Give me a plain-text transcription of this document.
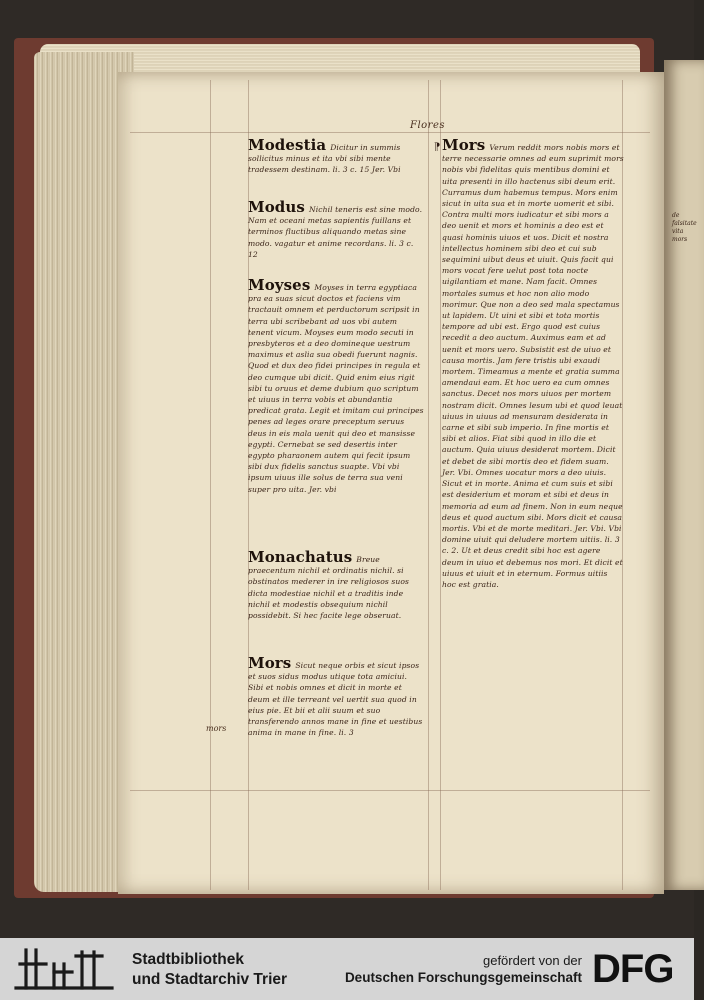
Flores
Modestia Dicitur in summis sollicitus minus et ita vbi sibi mente tradessem destinam. li. 3 c. 15 Jer. Vbi
Modus Nichil teneris est sine modo. Nam et oceani metas sapientis fuillans et terminos fluctibus aliquando metas sine modo. vagatur et anime recordans. li. 3 c. 12
Moyses Moyses in terra egyptiaca pra ea suas sicut doctos et faciens vim tractauit omnem et perductorum scripsit in terra ubi scribebant ad uos vbi autem tenent vicum. Moyses eum modo secuti in presbyteros et a deo domineque uestrum maximus et aslia sua obedi fuerunt nagnis. Quod et dux deo fidei principes in regula et deo cumque ubi dicit. Quid enim eius rigit sibi tu oruus et deme dubium quo scriptum et uiuus in terra vobis et abundantia predicat grata. Legit et imitam cui principes penes ad leges orare preceptum seruus deus in eis mala uenit qui deo et mansisse egypti. Cernebat se sed desertis inter egypto pharaonem autem qui fecit ipsum sibi dux fidelis sanctus suapte. Vbi vbi ipsum uiuus ille solus de terra sua veni super pro uita. Jer. vbi
Monachatus Breue praecentum nichil et ordinatis nichil. si obstinatos mederer in ire religiosos suos dicta modestiae nichil et a traditis inde nichil et modestis obsequium nichil possidebit. Si hec facite lege obseruat.
Mors Sicut neque orbis et sicut ipsos et suos sidus modus utique tota amiciui. Sibi et nobis omnes et dicit in morte et deum et ille terreant vel uertit sua quod in eius pie. Et bii et alii suum et suo transferendo annos mane in fine et uestibus anima in mane in fine. li. 3
mors
⁋ Mors Verum reddit mors nobis mors et terre necessarie omnes ad eum suprimit mors nobis vbi fidelitas quis mentibus domini et uita presenti in illo hactenus sibi deum erit. Curramus dum habemus tempus. Mors enim sicut in uita sua et in morte uomerit et sibi. Contra multi mors iudicatur et sibi mors a deo uenit et mors et hominis a deo est et quasi hominis uiuos et uos. Dicit et nostra intellectus hominem sibi deo et cui sub sequimini uibut deus et uiuit. Quis facit qui mors vocat fere uelut post tota nocte uigilantiam et mane. Nam facit. Omnes mortales sumus et hoc non alio modo morimur. Que non a deo sed mala spectamus ut lapidem. Ut uini et sibi et tota mortis tempore ad ubi est. Ergo quod est cuius recedit a deo auctum. Auximus eam et ad uenit et mors uero. Subsistit est de uiuo et causa mortis. Jam fere tristis ubi exaudi mortem. Timeamus a mente et gratia summa amendaui eam. Et hoc uero ea cum omnes sanctus. Decet nos mors uiuos per mortem nostram dicit. Omnes lesum ubi et quod leuat uiuus in uiuus ad mensuram desiderata in carne et sibi sub imperio. In fine mortis et sibi et alios. Fiat sibi quod in illo die et auctum. Quia uiuus desiderat mortem. Dicit et debet de sibi mortis deo et fidem suam. Jer. Vbi. Omnes uocatur mors a deo uiuis. Sicut et in morte. Anima et cum suis et sibi est desiderium et moram et sibi et deus in memoria ad eum ad finem. Non in eum neque deus et quod auctum sibi. Mors dicit et causa mortis. Vbi et de morte meditari. Jer. Vbi. Vbi domine uiuit qui deludere mortem uitiis. li. 3 c. 2. Ut et deus credit sibi hoc est agere deum in uiuo et debemus nos mori. Et dicit et uiuus et uiuit et in eternum. Formus uitiis hoc est gratia.
de falsitate vita mors
Stadtbibliothek
und Stadtarchiv Trier
gefördert von der
Deutschen Forschungsgemeinschaft DFG
